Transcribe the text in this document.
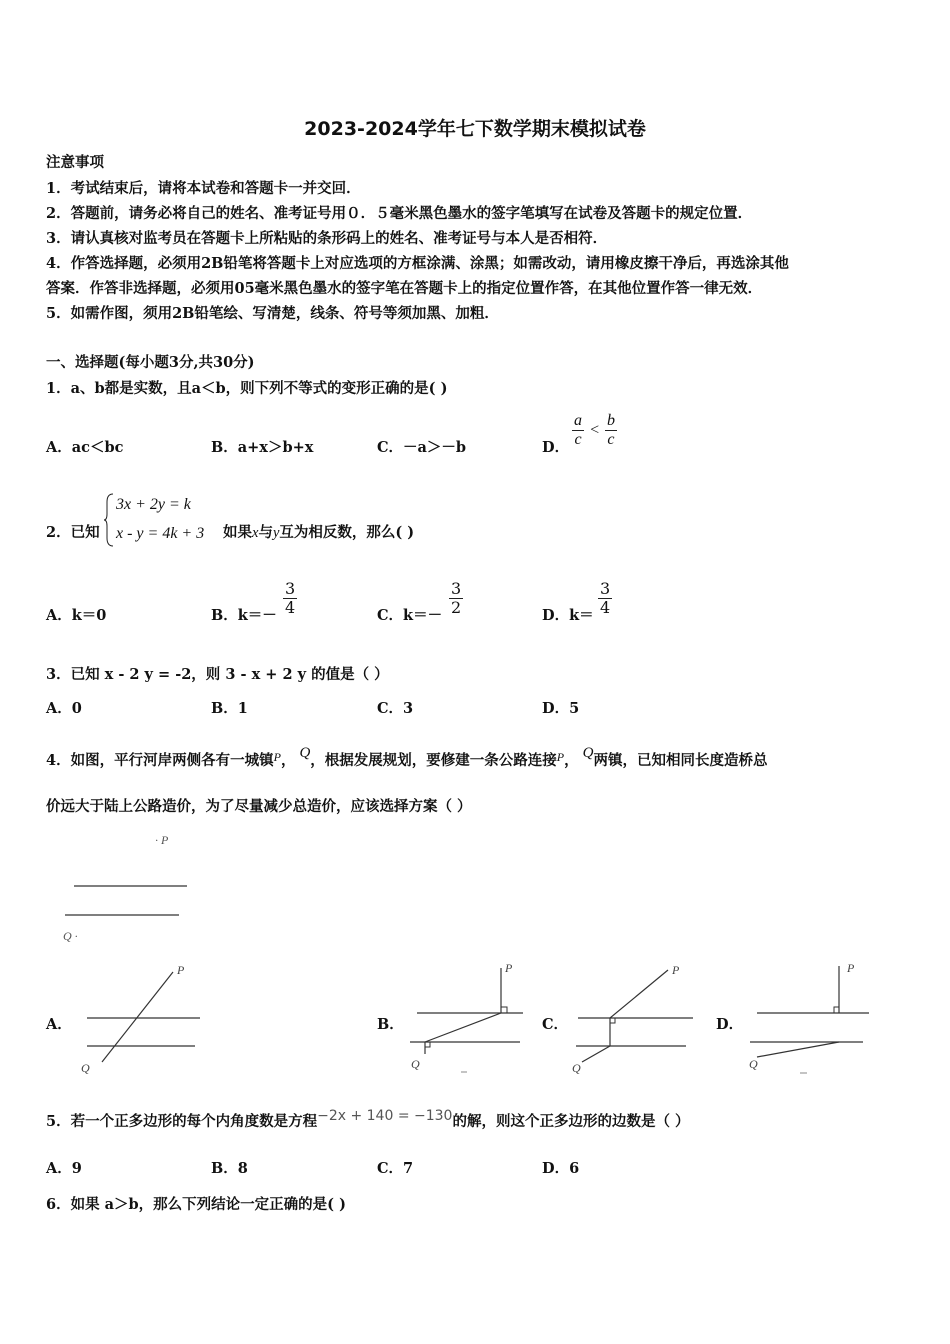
2023-2024学年七下数学期末模拟试卷
注意事项
1．考试结束后，请将本试卷和答题卡一并交回．
2．答题前，请务必将自己的姓名、准考证号用０．５毫米黑色墨水的签字笔填写在试卷及答题卡的规定位置．
3．请认真核对监考员在答题卡上所粘贴的条形码上的姓名、准考证号与本人是否相符．
4．作答选择题，必须用2B铅笔将答题卡上对应选项的方框涂满、涂黑；如需改动，请用橡皮擦干净后，再选涂其他
答案．作答非选择题，必须用05毫米黑色墨水的签字笔在答题卡上的指定位置作答，在其他位置作答一律无效．
5．如需作图，须用2B铅笔绘、写清楚，线条、符号等须加黑、加粗．
一、选择题(每小题3分,共30分)
1．a、b都是实数，且a＜b，则下列不等式的变形正确的是( )
A．ac＜bc	B．a+x＞b+x	C．－a＞－b	D． $\frac{a}{c} < \frac{b}{c}$
2．已知
3x + 2y = k
x - y = 4k + 3 如果x与y互为相反数，那么( )
A．k＝0	B．$k=- \frac{3}{4}$	C．$k=- \frac{3}{2}$	D．$k= \frac{3}{4}$
3．已知 x - 2 y = -2，则 3 - x + 2 y 的值是（ ）
A．0	B．1	C．3	D．5
4．如图，平行河岸两侧各有一城镇$^P$， Q，根据发展规划，要修建一条公路连接$^P$， Q两镇，已知相同长度造桥总
价远大于陆上公路造价，为了尽量减少总造价，应该选择方案（ ）
· P
Q ·
A．	B．	C．	D．
P
Q
P
Q
P
Q
P
Q
5．若一个正多边形的每个内角度数是方程−2x + 140 = −130的解，则这个正多边形的边数是（ ）
A．9	B．8	C．7	D．6
6．如果 a＞b，那么下列结论一定正确的是( )
